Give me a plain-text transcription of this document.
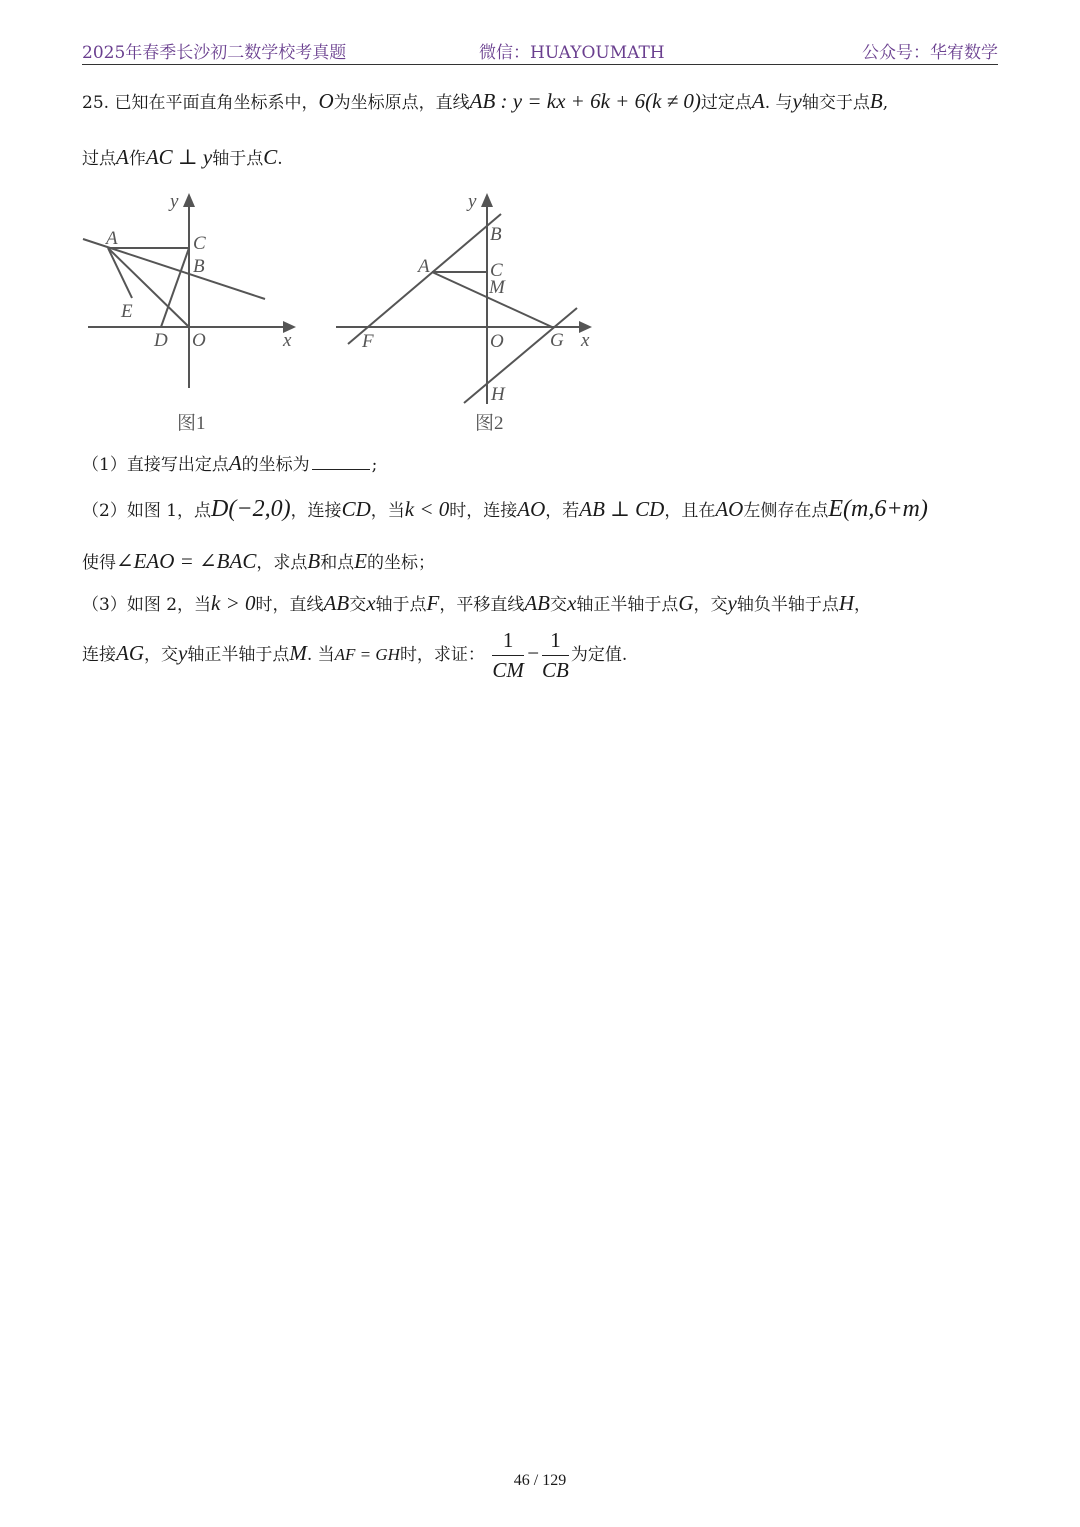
2025年春季长沙初二数学校考真题	微信：HUAYOUMATH	公众号：华宥数学
25. 已知在平面直角坐标系中，O为坐标原点，直线AB : y = kx + 6k + 6(k ≠ 0)过定点A. 与y轴交于点B,
过点A作AC ⊥ y轴于点C.
A	C
B
E
D O
y
x
图1
A
B
C
M
F	O G
H
y
x
图2
（1）直接写出定点A的坐标为	;
（2）如图 1，点D(−2,0)，连接CD，当k < 0时，连接AO，若AB ⊥ CD，且在AO左侧存在点E(m,6+m)
使得∠EAO = ∠BAC，求点B和点E的坐标；
（3）如图 2，当k > 0时，直线AB交x轴于点F，平移直线AB交x轴正半轴于点G，交y轴负半轴于点H，
连接AG，交y轴正半轴于点M. 当AF = GH时，求证： $\frac{1}{CM} - \frac{1}{CB}$ 为定值.
46 / 129
